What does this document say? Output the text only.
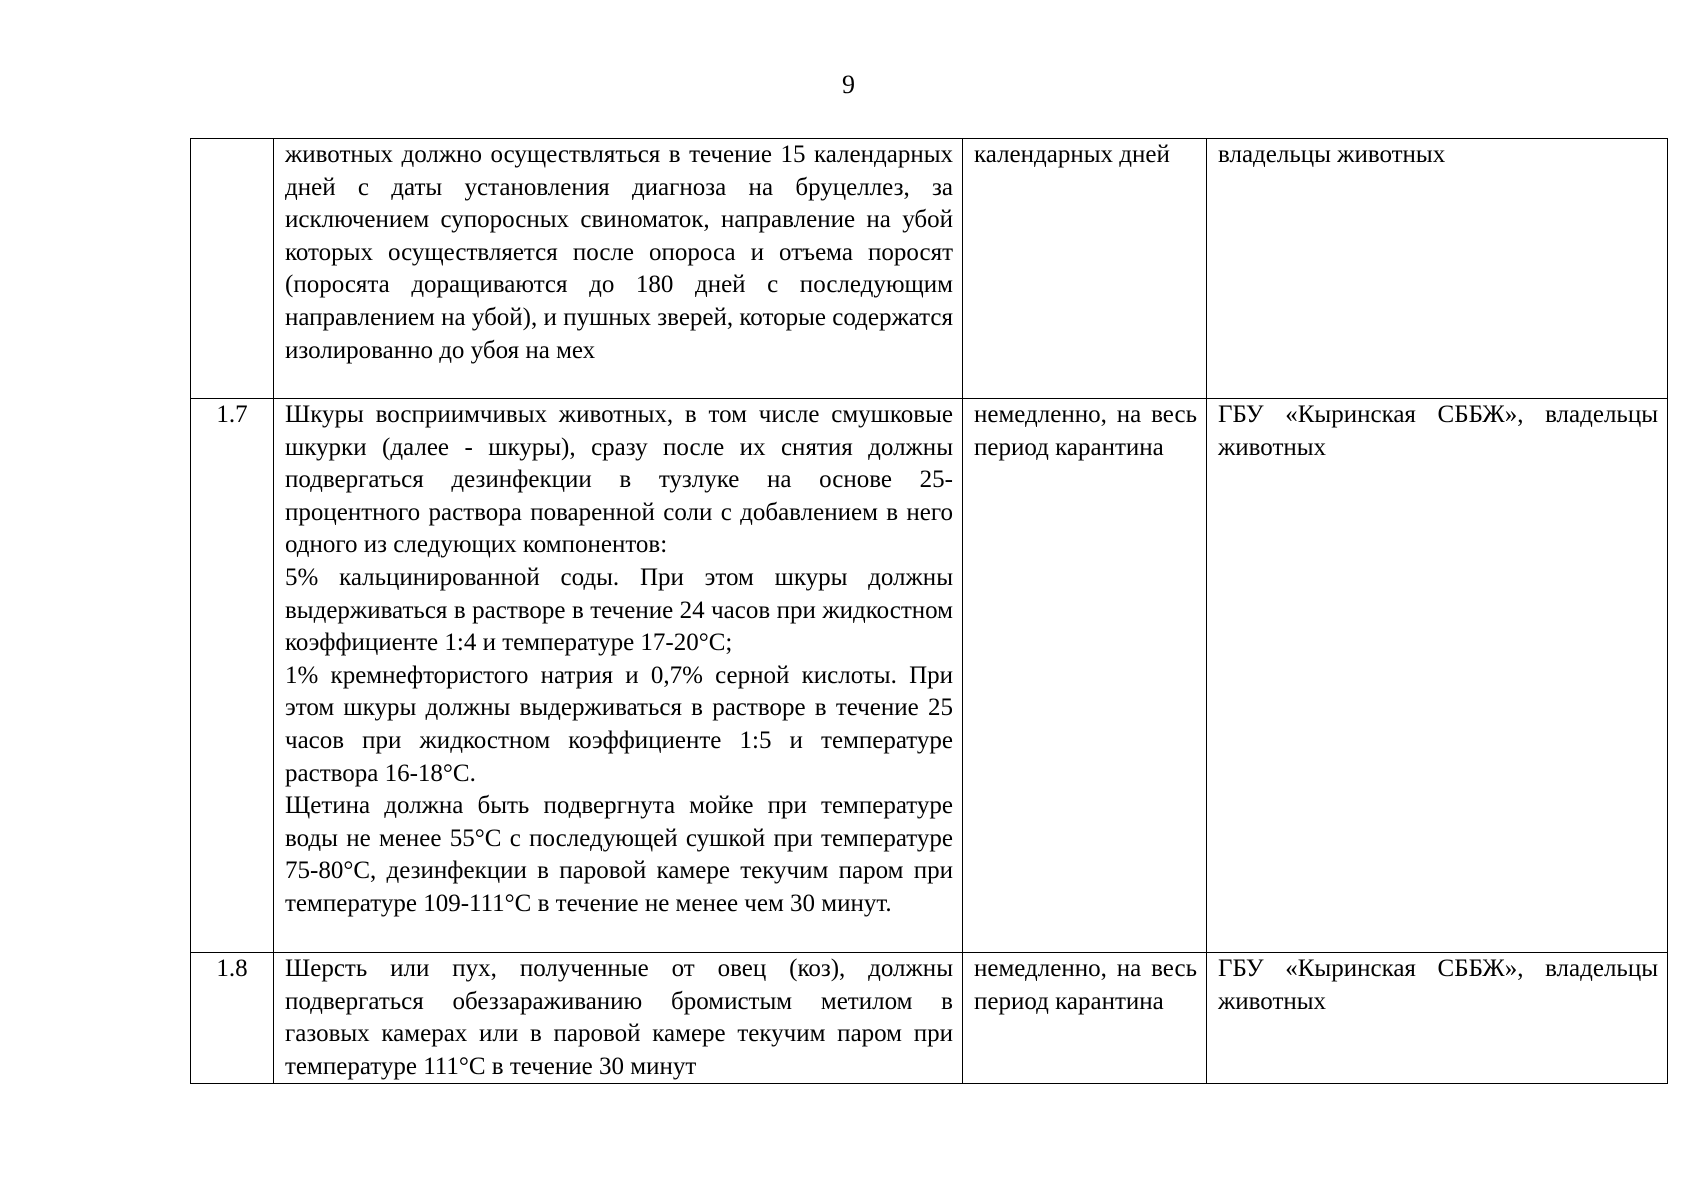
9

	животных должно осуществляться в течение 15 календарных дней с даты установления диагноза на бруцеллез, за исключением супоросных свиноматок, направление на убой которых осуществляется после опороса и отъема поросят (поросята доращиваются до 180 дней с последующим направлением на убой), и пушных зверей, которые содержатся изолированно до убоя на мех	календарных дней	владельцы животных
1.7	Шкуры восприимчивых животных, в том числе смушковые шкурки (далее - шкуры), сразу после их снятия должны подвергаться дезинфекции в тузлуке на основе 25-процентного раствора поваренной соли с добавлением в него одного из следующих компонентов:
5% кальцинированной соды. При этом шкуры должны выдерживаться в растворе в течение 24 часов при жидкостном коэффициенте 1:4 и температуре 17-20°С;
1% кремнефтористого натрия и 0,7% серной кислоты. При этом шкуры должны выдерживаться в растворе в течение 25 часов при жидкостном коэффициенте 1:5 и температуре раствора 16-18°С.
Щетина должна быть подвергнута мойке при температуре воды не менее 55°С с последующей сушкой при температуре 75-80°С, дезинфекции в паровой камере текучим паром при температуре 109-111°С в течение не менее чем 30 минут.	немедленно, на весь период карантина	ГБУ «Кыринская СББЖ», владельцы животных
1.8	Шерсть или пух, полученные от овец (коз), должны подвергаться обеззараживанию бромистым метилом в газовых камерах или в паровой камере текучим паром при температуре 111°С в течение 30 минут	немедленно, на весь период карантина	ГБУ «Кыринская СББЖ», владельцы животных
